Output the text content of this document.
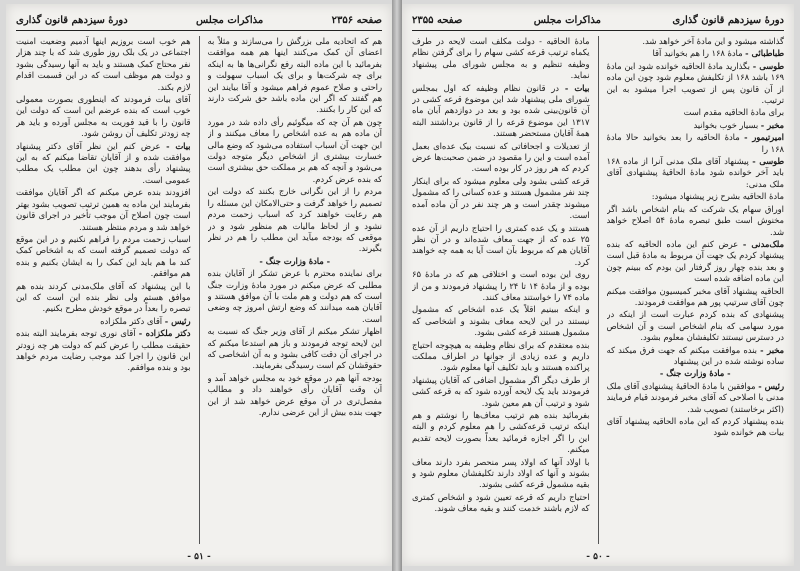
صفحه ۲۳۵۶
مذاکرات مجلس
دورهٔ سیزدهم قانون گذاری

هم که اتحادیه ملی بزرگش را می‌سازند و مثلاً به اعضای آن کمک می‌کنند اینها هم همه موافقت بفرمائید با این ماده البته رفع نگرانی‌ها ها به اینکه برای چه شرکت‌ها و برای یک اسباب سهولت و راحتی و صلاح عموم فراهم میشود و آقا بیایند این هم گفتند که اگر این ماده باشد حق شرکت دارند که این کار را بکنند.

چون هم آن چه که میگوئیم رأی داده شد در مورد آن ماده هم به عده اشخاص را معاف میکنند و از این جهت آن اسباب استفاده می‌شود که وضع مالی خسارت بیشتری از اشخاص دیگر متوجه دولت می‌شود و آنچه که هم بر مملکت حق بیشتری است که بنده عرض کردم.

مردم را از این نگرانی خارج بکنند که دولت این تصمیم را خواهد گرفت و حتی‌الامکان این مسئله را هم رعایت خواهند کرد که اسباب زحمت مردم نشود و از لحاظ مالیات هم منظور شود و در موقعی که بودجه میآید این مطلب را هم در نظر بگیرند.

- مادهٔ وزارت جنگ -

برای نماینده محترم با عرض تشکر از آقایان بنده مطلبی که عرض میکنم در مورد مادهٔ وزارت جنگ است که هم دولت و هم ملت با آن موافق هستند و آقایان همه میدانند که وضع ارتش امروز چه وضعی است.

اظهار تشکر میکنم از آقای وزیر جنگ که نسبت به این لایحه توجه فرمودند و باز هم استدعا میکنم که در اجرای آن دقت کافی بشود و به آن اشخاصی که حقوقشان کم است رسیدگی بفرمایند.

بودجه آنها هم در موقع خود به مجلس خواهد آمد و آن وقت آقایان رأی خواهند داد و مطالب مفصل‌تری در آن موقع عرض خواهد شد از این جهت بنده بیش از این عرضی ندارم.

هم خوب است بروزیم اینها آدمیم وضعیت امنیت اجتماعی در یک بلک روز طوری شد که با چند هزار نفر محتاج کمک هستند و باید به آنها رسیدگی بشود و دولت هم موظف است که در این قسمت اقدام لازم بکند.

آقای بیات فرمودند که اینطوری بصورت معمولی خوب است که بنده عرضم این است که دولت این قانون را با قید فوریت به مجلس آورده و باید هر چه زودتر تکلیف آن روشن شود.

بیات - عرض کنم این نظر آقای دکتر پیشنهاد موافقت شده و از آقایان تقاضا میکنم که به این پیشنهاد رأی بدهند چون این مطلب یک مطلب عمومی است.

افزودند بنده عرض میکنم که اگر آقایان موافقت بفرمایند این ماده به همین ترتیب تصویب بشود بهتر است چون اصلاح آن موجب تأخیر در اجرای قانون خواهد شد و مردم منتظر هستند.

اسباب زحمت مردم را فراهم نکنیم و در این موقع که دولت تصمیم گرفته است که به اشخاص کمک کند ما هم باید این کمک را به ایشان بکنیم و بنده هم موافقم.

با این پیشنهاد که آقای ملک‌مدنی کردند بنده هم موافق هستم ولی نظر بنده این است که این تبصره را بعداً در موقع خودش مطرح بکنیم.

رئیس - آقای دکتر ملکزاده

دکتر ملکزاده - آقای نوری توجه بفرمایند البته بنده حقیقت مطلب را عرض کنم که دولت هر چه زودتر این قانون را اجرا کند موجب رضایت مردم خواهد بود و بنده موافقم.

- ۵۱ -
دورهٔ سیزدهم قانون گذاری
مذاکرات مجلس
صفحه ۲۳۵۵

گذاشته میشود و این مادهٔ آخر خواهد شد.

طباطبائی - مادهٔ ۱۶۸ را هم بخوانید آقا

طوسی - بگذارید مادهٔ الحاقیه خوانده شود این مادهٔ ۱۶۹ باشد ۱۶۸ از تکلیفش معلوم شود چون این ماده از آن قانون پس از تصویب اجرا میشود به این ترتیب.

برای مادهٔ الحاقیه مقدم است

مخبر - بسیار خوب بخوانید

امیرتیمور - مادهٔ الحاقیه را بعد بخوانید حالا مادهٔ ۱۶۸ را

طوسی - پیشنهاد آقای ملک مدنی آنرا از ماده ۱۶۸ باید آخر خوانده شود مادهٔ الحاقیهٔ پیشنهادی آقای ملک مدنی:

مادهٔ الحاقیه بشرح زیر پیشنهاد میشود:

اوراق سهام یک شرکت که بنام اشخاص باشد اگر مخنوش است طبق تبصره مادهٔ ۵۴ اصلاح خواهد شد.

ملک‌مدنی - عرض کنم این ماده الحاقیه که بنده پیشنهاد کردم یک جهت آن مربوط به مادهٔ قبل است و بعد بنده چهار روز گرفتار این بودم که ببینم چون این ماده اضافه شده است

الحاقیه پیشنهاد آقای مخبر کمیسیون موافقت میکنم چون آقای سرتیپ پور هم موافقت فرمودند.

پیشنهادی که بنده کردم عبارت است از اینکه در مورد سهامی که بنام اشخاص است و آن اشخاص در دسترس نیستند تکلیفشان معلوم بشود.

مخبر - بنده موافقت میکنم که جهت فرق میکند که ساده نوشته شده در این پیشنهاد

- مادهٔ وزارت جنگ -

رئیس - موافقین با مادهٔ الحاقیهٔ پیشنهادی آقای ملک مدنی با اصلاحی که آقای مخبر فرمودند قیام فرمایند (اکثر برخاستند) تصویب شد.

بنده پیشنهاد کردم که این ماده الحاقیه پیشنهاد آقای بیات هم خوانده شود

مادهٔ الحاقیه - دولت مکلف است لایحه در طرف یکماه ترتیب قرعه کشی سهام را برای گرفتن نظام وظیفه تنظیم و به مجلس شورای ملی پیشنهاد نماید.

بیات - در قانون نظام وظیفه که اول بمجلس شورای ملی پیشنهاد شد این موضوع قرعه کشی در آن قانون‌بینی شده بود و بعد در دوازدهم آبان ماه ۱۳۱۷ این موضوع قرعه را از قانون برداشتند البته همهٔ آقایان مستحضر هستند.

از تعدیلات و اجحافاتی که نسبت بیک عده‌ای بعمل آمده است و این را مقصود در ضمن صحبت‌ها عرض کردم که هر روز در کار بوده است.

قرعه کشی بشود ولی معلوم میشود که برای اینکار چند نفر مشمول هستند و عده کسانی را که مشمول میشوند چقدر است و هر چند نفر در آن ماده آمده است.

هستند و یک عده کمتری را احتیاج داریم از آن عده ۲۵ عده که از جهت معاف شده‌اند و در آن نظر آقایان هم که مربوط بآن است آیا به همه چه خواهند کرد.

روی این بوده است و اختلافی هم که در مادهٔ ۶۵ بوده و از مادهٔ ۱۴ تا ۲۴ را پیشنهاد فرمودند و من از ماده ۷۴ را خواستند معاف کنند.

و اینکه ببینیم اقلاً یک عده اشخاص که مشمول نیستند در این لایحه معاف بشوند و اشخاصی که مشمول هستند قرعه کشی بشود.

بنده معتقدم که برای نظام وظیفه به هیچوجه احتیاج داریم و عده زیادی از جوانها در اطراف مملکت پراکنده هستند و باید تکلیف آنها معلوم شود.

از طرف دیگر اگر مشمول اضافی که آقایان پیشنهاد فرمودند باید یک لایحه آورده شود که به قرعه کشی شود و ترتیب آن هم معین شود.

بفرمائید بنده هم ترتیب معاف‌ها را نوشتم و هم اینکه ترتیب قرعه‌کشی را هم معلوم کردم و البته این را اگر اجازه فرمائید بعداً بصورت لایحه تقدیم میکنم.

با اولاد آنها که اولاد پسر منحصر بفرد دارند معاف بشوند و آنها که اولاد دارند تکلیفشان معلوم شود و بقیه مشمول قرعه کشی بشوند.

احتیاج داریم که قرعه تعیین شود و اشخاص کمتری که لازم باشند خدمت کنند و بقیه معاف شوند.

- ۵۰ -
